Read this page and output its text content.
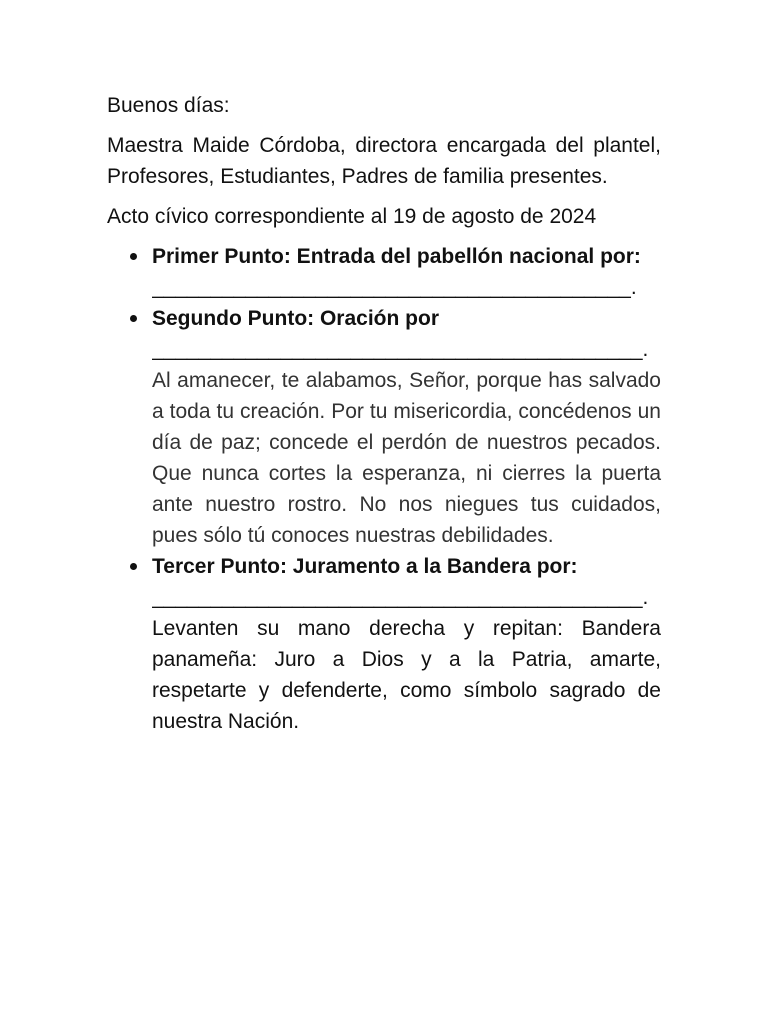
Buenos días:

Maestra Maide Córdoba, directora encargada del plantel, Profesores, Estudiantes, Padres de familia presentes.

Acto cívico correspondiente al 19 de agosto de 2024

Primer Punto: Entrada del pabellón nacional por:
_________________________________________.
Segundo Punto: Oración por
__________________________________________.
Al amanecer, te alabamos, Señor, porque has salvado a toda tu creación. Por tu misericordia, concédenos un día de paz; concede el perdón de nuestros pecados. Que nunca cortes la esperanza, ni cierres la puerta ante nuestro rostro. No nos niegues tus cuidados, pues sólo tú conoces nuestras debilidades.
Tercer Punto: Juramento a la Bandera por:
__________________________________________.
Levanten su mano derecha y repitan: Bandera panameña: Juro a Dios y a la Patria, amarte, respetarte y defenderte, como símbolo sagrado de nuestra Nación.
